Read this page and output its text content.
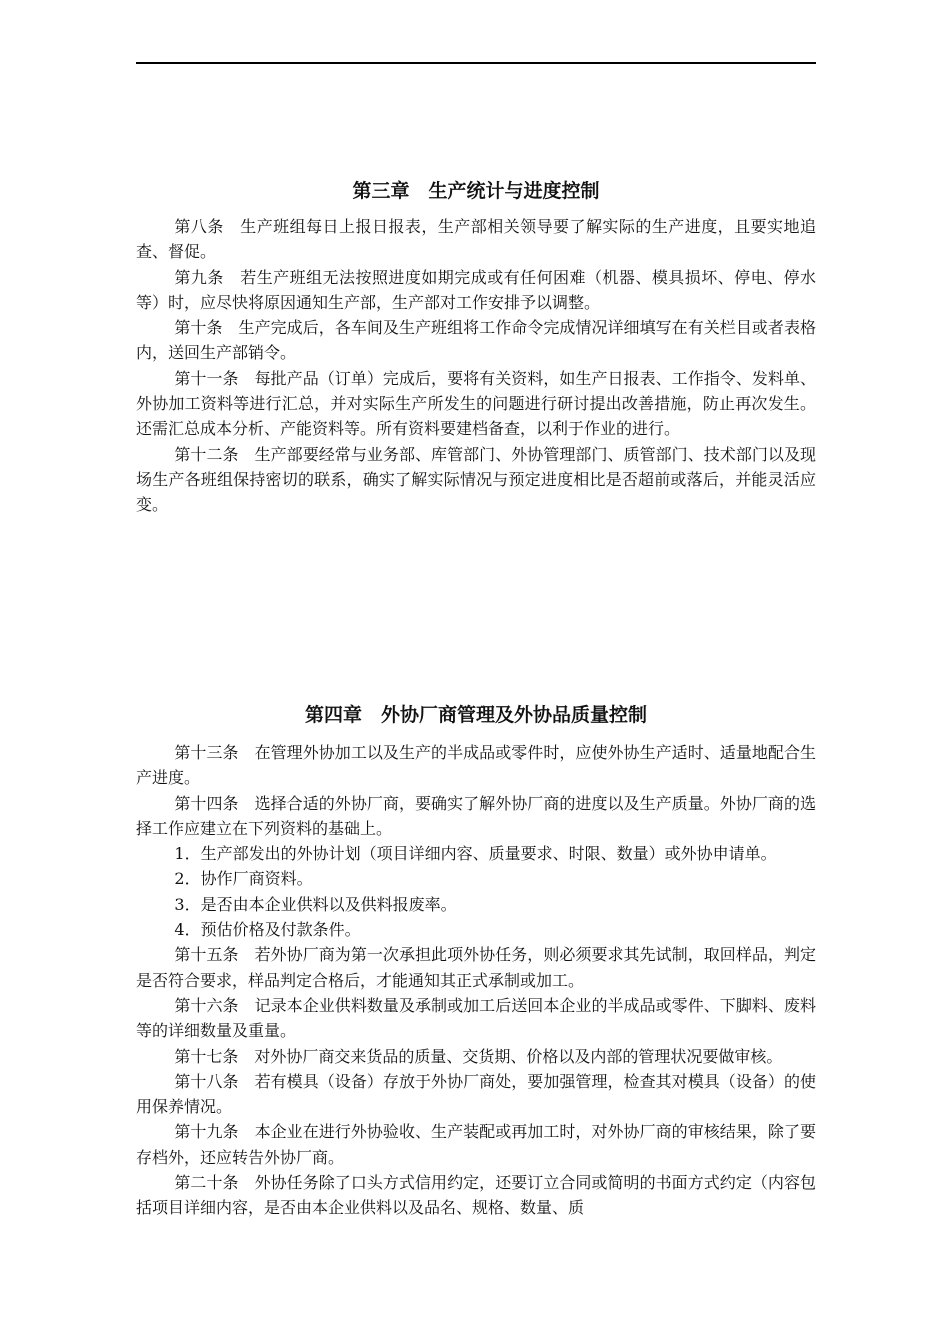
第三章　生产统计与进度控制

第八条　生产班组每日上报日报表，生产部相关领导要了解实际的生产进度，且要实地追查、督促。

第九条　若生产班组无法按照进度如期完成或有任何困难（机器、模具损坏、停电、停水等）时，应尽快将原因通知生产部，生产部对工作安排予以调整。

第十条　生产完成后，各车间及生产班组将工作命令完成情况详细填写在有关栏目或者表格内，送回生产部销令。

第十一条　每批产品（订单）完成后，要将有关资料，如生产日报表、工作指令、发料单、外协加工资料等进行汇总，并对实际生产所发生的问题进行研讨提出改善措施，防止再次发生。还需汇总成本分析、产能资料等。所有资料要建档备查，以利于作业的进行。

第十二条　生产部要经常与业务部、库管部门、外协管理部门、质管部门、技术部门以及现场生产各班组保持密切的联系，确实了解实际情况与预定进度相比是否超前或落后，并能灵活应变。

第四章　外协厂商管理及外协品质量控制

第十三条　在管理外协加工以及生产的半成品或零件时，应使外协生产适时、适量地配合生产进度。

第十四条　选择合适的外协厂商，要确实了解外协厂商的进度以及生产质量。外协厂商的选择工作应建立在下列资料的基础上。

1．生产部发出的外协计划（项目详细内容、质量要求、时限、数量）或外协申请单。

2．协作厂商资料。

3．是否由本企业供料以及供料报废率。

4．预估价格及付款条件。

第十五条　若外协厂商为第一次承担此项外协任务，则必须要求其先试制，取回样品，判定是否符合要求，样品判定合格后，才能通知其正式承制或加工。

第十六条　记录本企业供料数量及承制或加工后送回本企业的半成品或零件、下脚料、废料等的详细数量及重量。

第十七条　对外协厂商交来货品的质量、交货期、价格以及内部的管理状况要做审核。

第十八条　若有模具（设备）存放于外协厂商处，要加强管理，检查其对模具（设备）的使用保养情况。

第十九条　本企业在进行外协验收、生产装配或再加工时，对外协厂商的审核结果，除了要存档外，还应转告外协厂商。

第二十条　外协任务除了口头方式信用约定，还要订立合同或简明的书面方式约定（内容包括项目详细内容，是否由本企业供料以及品名、规格、数量、质
